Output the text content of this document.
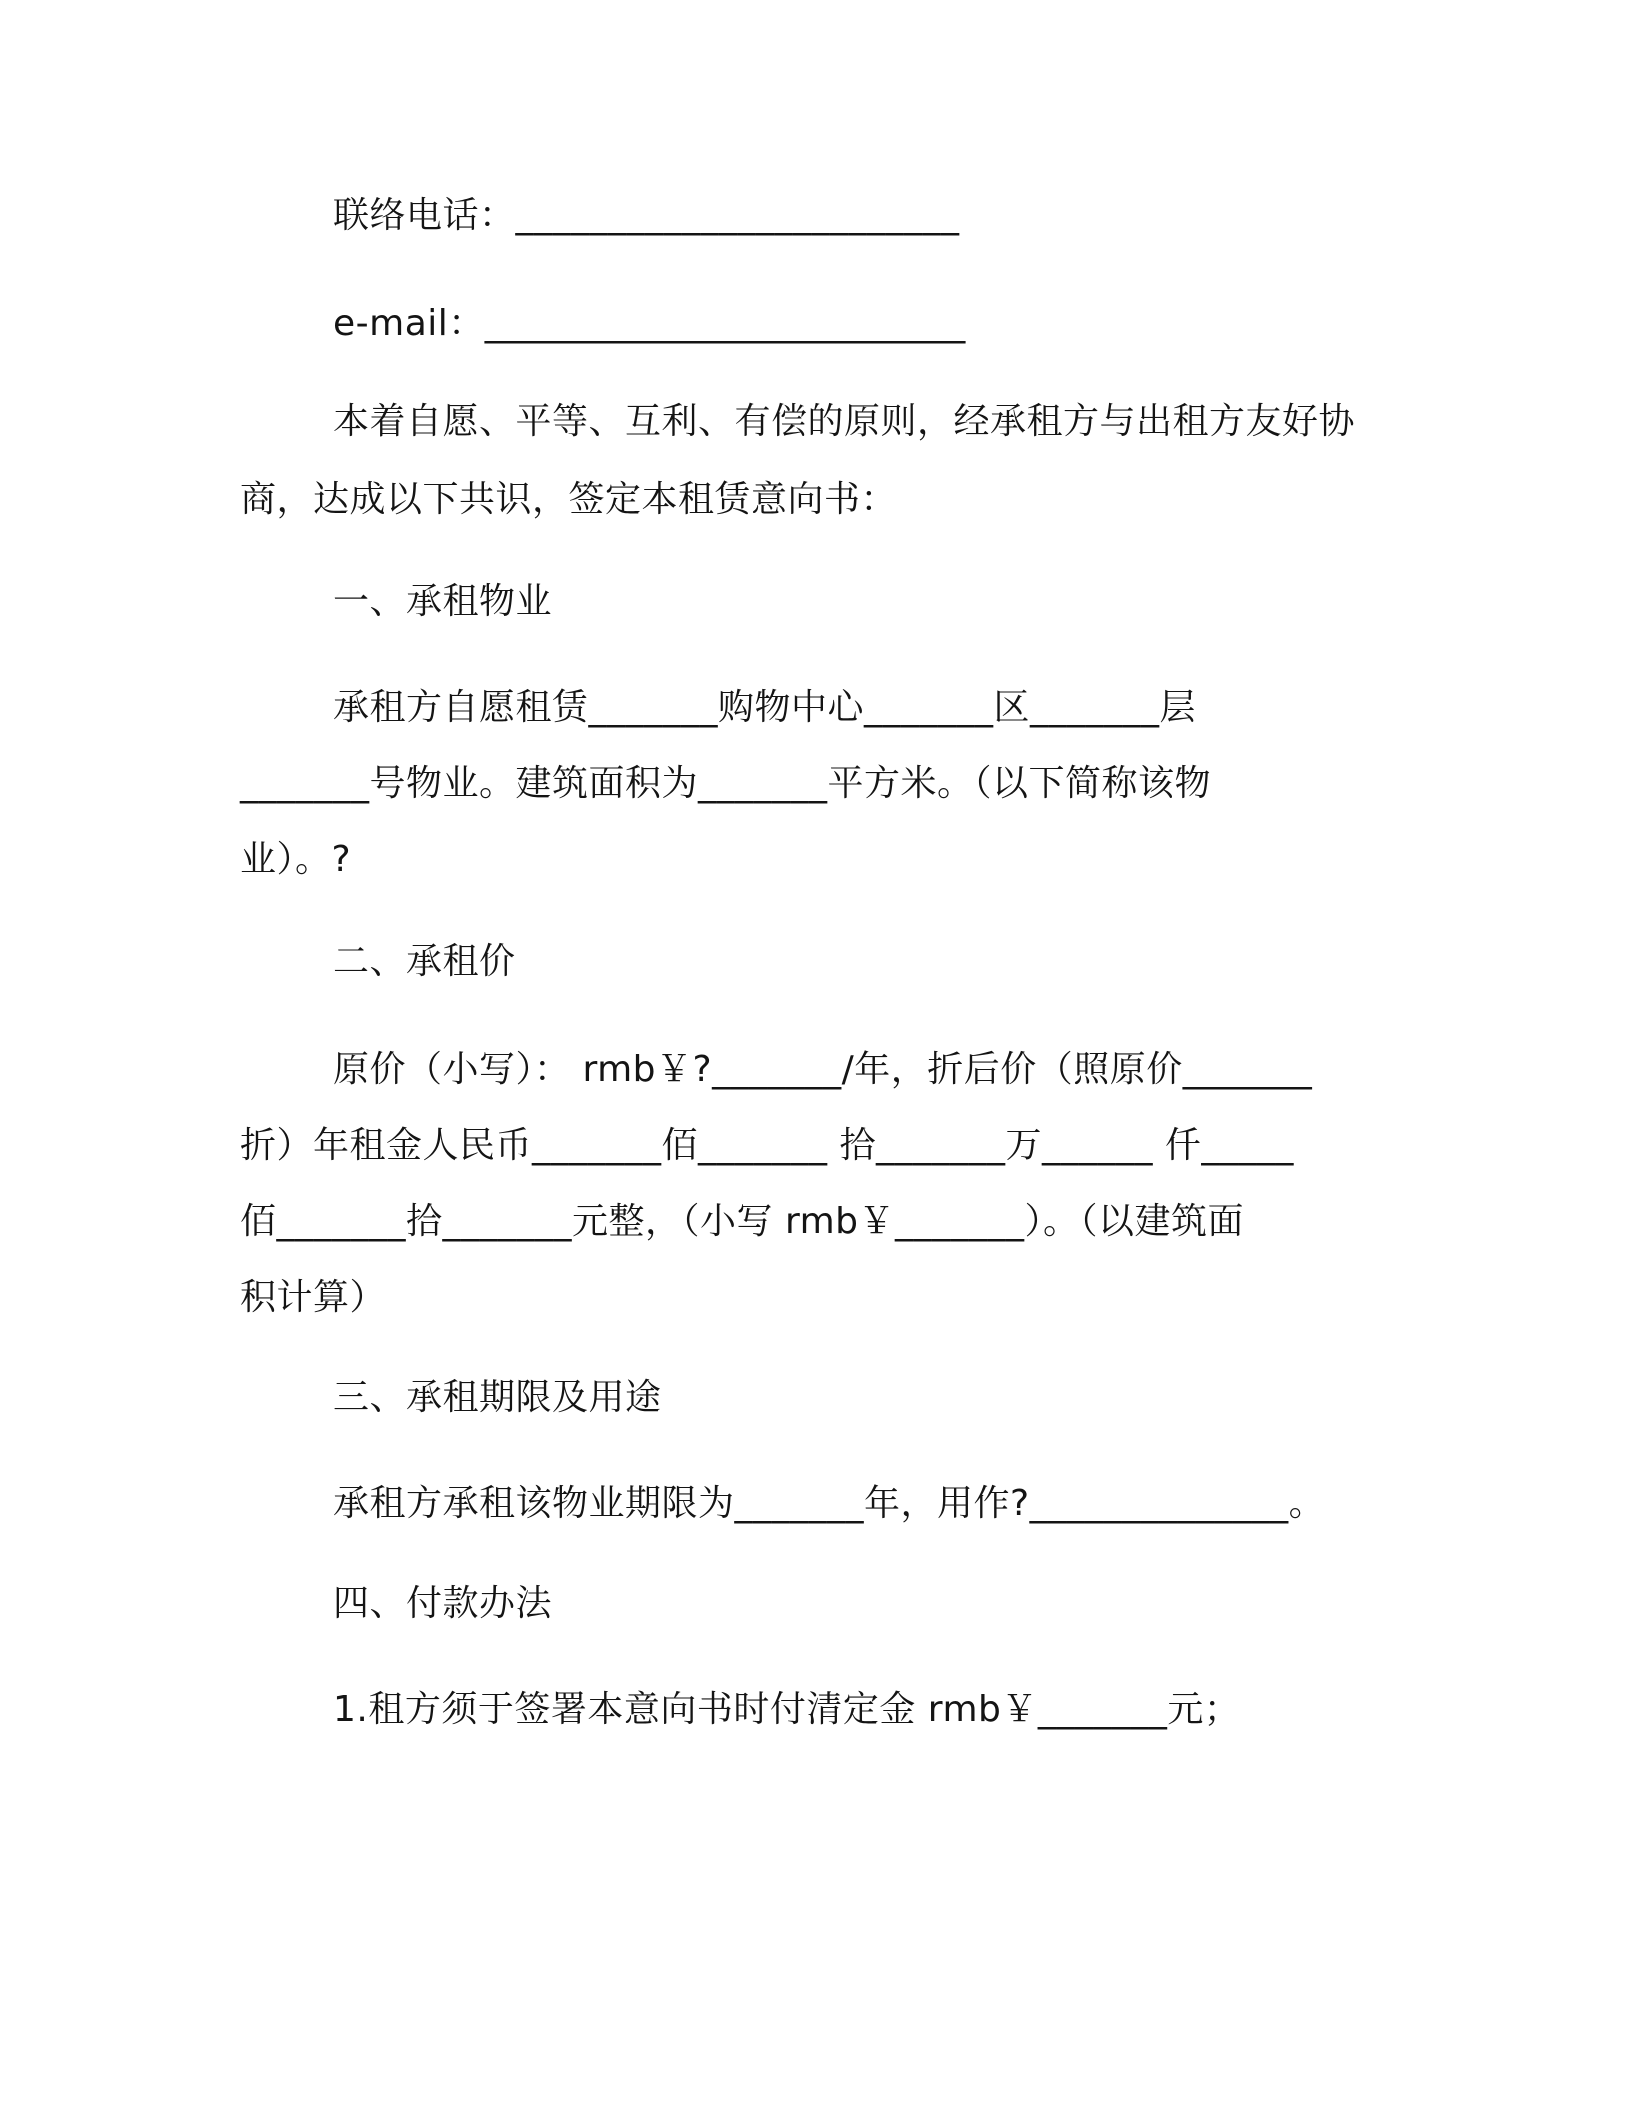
联络电话：________________________
e-mail：__________________________
本着自愿、平等、互利、有偿的原则，经承租方与出租方友好协
商，达成以下共识，签定本租赁意向书：
一、承租物业
承租方自愿租赁_______购物中心_______区_______层
_______号物业。建筑面积为_______平方米。（以下简称该物
业）。?
二、承租价
原价（小写）： rmb￥?_______/年，折后价（照原价_______
折）年租金人民币_______佰_______ 拾_______万______ 仟_____
佰_______拾_______元整，（小写 rmb￥_______）。（以建筑面
积计算）
三、承租期限及用途
承租方承租该物业期限为_______年，用作?______________。
四、付款办法
1.租方须于签署本意向书时付清定金 rmb￥_______元；
